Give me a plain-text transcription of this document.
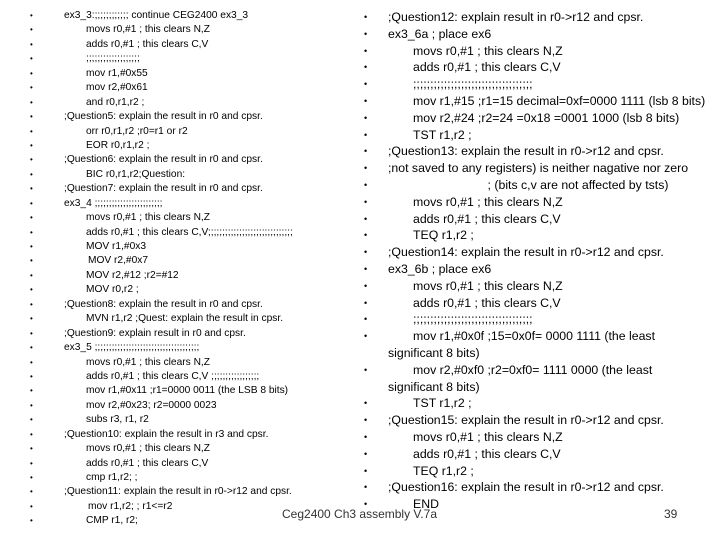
•	ex3_3:;;;;;;;;;;;; continue CEG2400 ex3_3
•	movs r0,#1 ; this clears N,Z
•	adds r0,#1 ; this clears C,V
•	;;;;;;;;;;;;;;;;;;;
•	mov r1,#0x55
•	mov r2,#0x61
•	and r0,r1,r2 ;
•	;Question5: explain the result in r0 and cpsr.
•	orr r0,r1,r2 ;r0=r1 or r2
•	EOR r0,r1,r2 ;
•	;Question6: explain the result in r0 and cpsr.
•	BIC r0,r1,r2;Question:
•	;Question7: explain the result in r0 and cpsr.
•	ex3_4 ;;;;;;;;;;;;;;;;;;;;;;;;
•	movs r0,#1 ; this clears N,Z
•	adds r0,#1 ; this clears C,V;;;;;;;;;;;;;;;;;;;;;;;;;;;;;;
•	MOV r1,#0x3
•	MOV r2,#0x7
•	MOV r2,#12 ;r2=#12
•	MOV r0,r2 ;
•	;Question8: explain the result in r0 and cpsr.
•	MVN r1,r2 ;Quest: explain the result in cpsr.
•	;Question9: explain result in r0 and cpsr.
•	ex3_5 ;;;;;;;;;;;;;;;;;;;;;;;;;;;;;;;;;;;;;
•	movs r0,#1 ; this clears N,Z
•	adds r0,#1 ; this clears C,V ;;;;;;;;;;;;;;;;;
•	mov r1,#0x11 ;r1=0000 0011 (the LSB 8 bits)
•	mov r2,#0x23; r2=0000 0023
•	subs r3, r1, r2
•	;Question10: explain the result in r3 and cpsr.
•	movs r0,#1 ; this clears N,Z
•	adds r0,#1 ; this clears C,V
•	cmp r1,r2; ;
•	;Question11: explain the result in r0->r12 and cpsr.
•	mov r1,r2; ; r1<=r2
•	CMP r1, r2;
• ;Question12: explain result in r0->r12 and cpsr.
• ex3_6a ; place ex6
•	movs r0,#1 ; this clears N,Z
•	adds r0,#1 ; this clears C,V
•	;;;;;;;;;;;;;;;;;;;;;;;;;;;;;;;;;;;
•	mov r1,#15 ;r1=15 decimal=0xf=0000 1111 (lsb 8 bits)
•	mov r2,#24 ;r2=24 =0x18 =0001 1000 (lsb 8 bits)
•	TST r1,r2 ;
• ;Question13: explain the result in r0->r12 and cpsr.
• ;not saved to any registers) is neither nagative nor zero
•	; (bits c,v are not affected by tsts)
•	movs r0,#1 ; this clears N,Z
•	adds r0,#1 ; this clears C,V
•	TEQ r1,r2 ;
• ;Question14: explain the result in r0->r12 and cpsr.
• ex3_6b ; place ex6
•	movs r0,#1 ; this clears N,Z
•	adds r0,#1 ; this clears C,V
•	;;;;;;;;;;;;;;;;;;;;;;;;;;;;;;;;;;;
•	mov r1,#0x0f ;15=0x0f= 0000 1111 (the least
significant 8 bits)
•	mov r2,#0xf0 ;r2=0xf0= 1111 0000 (the least
significant 8 bits)
•	TST r1,r2 ;
• ;Question15: explain the result in r0->r12 and cpsr.
•	movs r0,#1 ; this clears N,Z
•	adds r0,#1 ; this clears C,V
•	TEQ r1,r2 ;
• ;Question16: explain the result in r0->r12 and cpsr.
•	END
Ceg2400 Ch3 assembly V.7a	39
